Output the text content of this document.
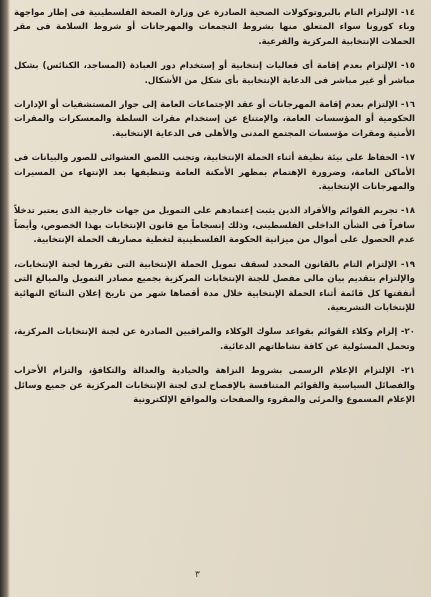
١٤- الإلتزام التام بالبروتوكولات الصحية الصادرة عن وزارة الصحة الفلسطينية فى إطار مواجهة وباء كورونا سواء المتعلق منها بشروط التجمعات والمهرجانات أو شروط السلامة فى مقر الحملات الإنتخابية المركزية والفرعية.
١٥- الإلتزام بعدم إقامة أى فعاليات إنتخابية أو إستخدام دور العبادة (المساجد، الكنائس) بشكل مباشر أو غير مباشر فى الدعاية الإنتخابية بأى شكل من الأشكال.
١٦- الإلتزام بعدم إقامة المهرجانات أو عقد الإجتماعات العامة إلى جوار المستشفيات أو الإدارات الحكومية أو المؤسسات العامة، والإمتناع عن إستخدام مقرات السلطة والمعسكرات والمقرات الأمنية ومقرات مؤسسات المجتمع المدنى والأهلى فى الدعاية الإنتخابية.
١٧- الحفاظ على بيئة نظيفة أثناء الحملة الإنتخابية، وتجنب اللصق العشوائى للصور والبيانات فى الأماكن العامة، وضرورة الإهتمام بمظهر الأمكنة العامة وتنظيفها بعد الإنتهاء من المسيرات والمهرجانات الإنتخابية.
١٨- تجريم القوائم والأفراد الذين يثبت إعتمادهم على التمويل من جهات خارجية الذى يعتبر تدخلاً سافراً فى الشأن الداخلى الفلسطينى، وذلك إنسجاماً مع قانون الإنتخابات بهذا الخصوص، وأيضاً عدم الحصول على أموال من ميزانية الحكومة الفلسطينية لتغطية مصاريف الحملة الإنتخابية.
١٩- الإلتزام التام بالقانون المحدد لسقف تمويل الحملة الإنتخابية التى تقررها لجنة الإنتخابات، والإلتزام بتقديم بيان مالى مفصل للجنة الإنتخابات المركزية بجميع مصادر التمويل والمبالغ التى أنفقتها كل قائمة أثناء الحملة الإنتخابية خلال مدة أقصاها شهر من تاريخ إعلان النتائج النهائية للإنتخابات التشريعية.
٢٠- إلزام وكلاء القوائم بقواعد سلوك الوكلاء والمراقبين الصادرة عن لجنة الإنتخابات المركزية، وتحمل المسئولية عن كافة نشاطاتهم الدعائية.
٢١- الإلتزام الإعلام الرسمى بشروط النزاهة والحيادية والعدالة والتكافؤ، والتزام الأحزاب والفصائل السياسية والقوائم المتنافسة بالإفصاح لدى لجنة الإنتخابات المركزية عن جميع وسائل الإعلام المسموع والمرئى والمقروء والصفحات والمواقع الإلكترونية
٣
